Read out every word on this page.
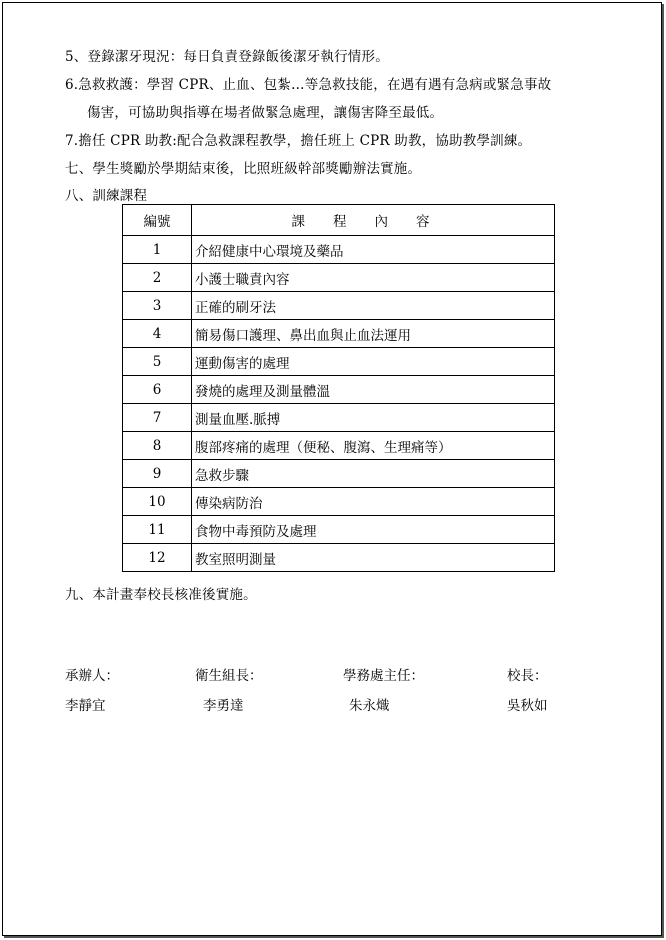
5、登錄潔牙現況：每日負責登錄飯後潔牙執行情形。
6.急救救護：學習 CPR、止血、包紮…等急救技能，在遇有遇有急病或緊急事故
傷害，可協助與指導在場者做緊急處理，讓傷害降至最低。
7.擔任 CPR 助教:配合急救課程教學，擔任班上 CPR 助教，協助教學訓練。
七、學生獎勵於學期結束後，比照班級幹部獎勵辦法實施。
八、訓練課程
編號	課程內容
1	介紹健康中心環境及藥品
2	小護士職責內容
3	正確的刷牙法
4	簡易傷口護理、鼻出血與止血法運用
5	運動傷害的處理
6	發燒的處理及測量體溫
7	測量血壓.脈搏
8	腹部疼痛的處理（便秘、腹瀉、生理痛等）
9	急救步驟
10	傳染病防治
11	食物中毒預防及處理
12	教室照明測量
九、本計畫奉校長核准後實施。
承辦人：	衛生組長：	學務處主任：	校長：
李靜宜	李勇達	朱永熾	吳秋如
